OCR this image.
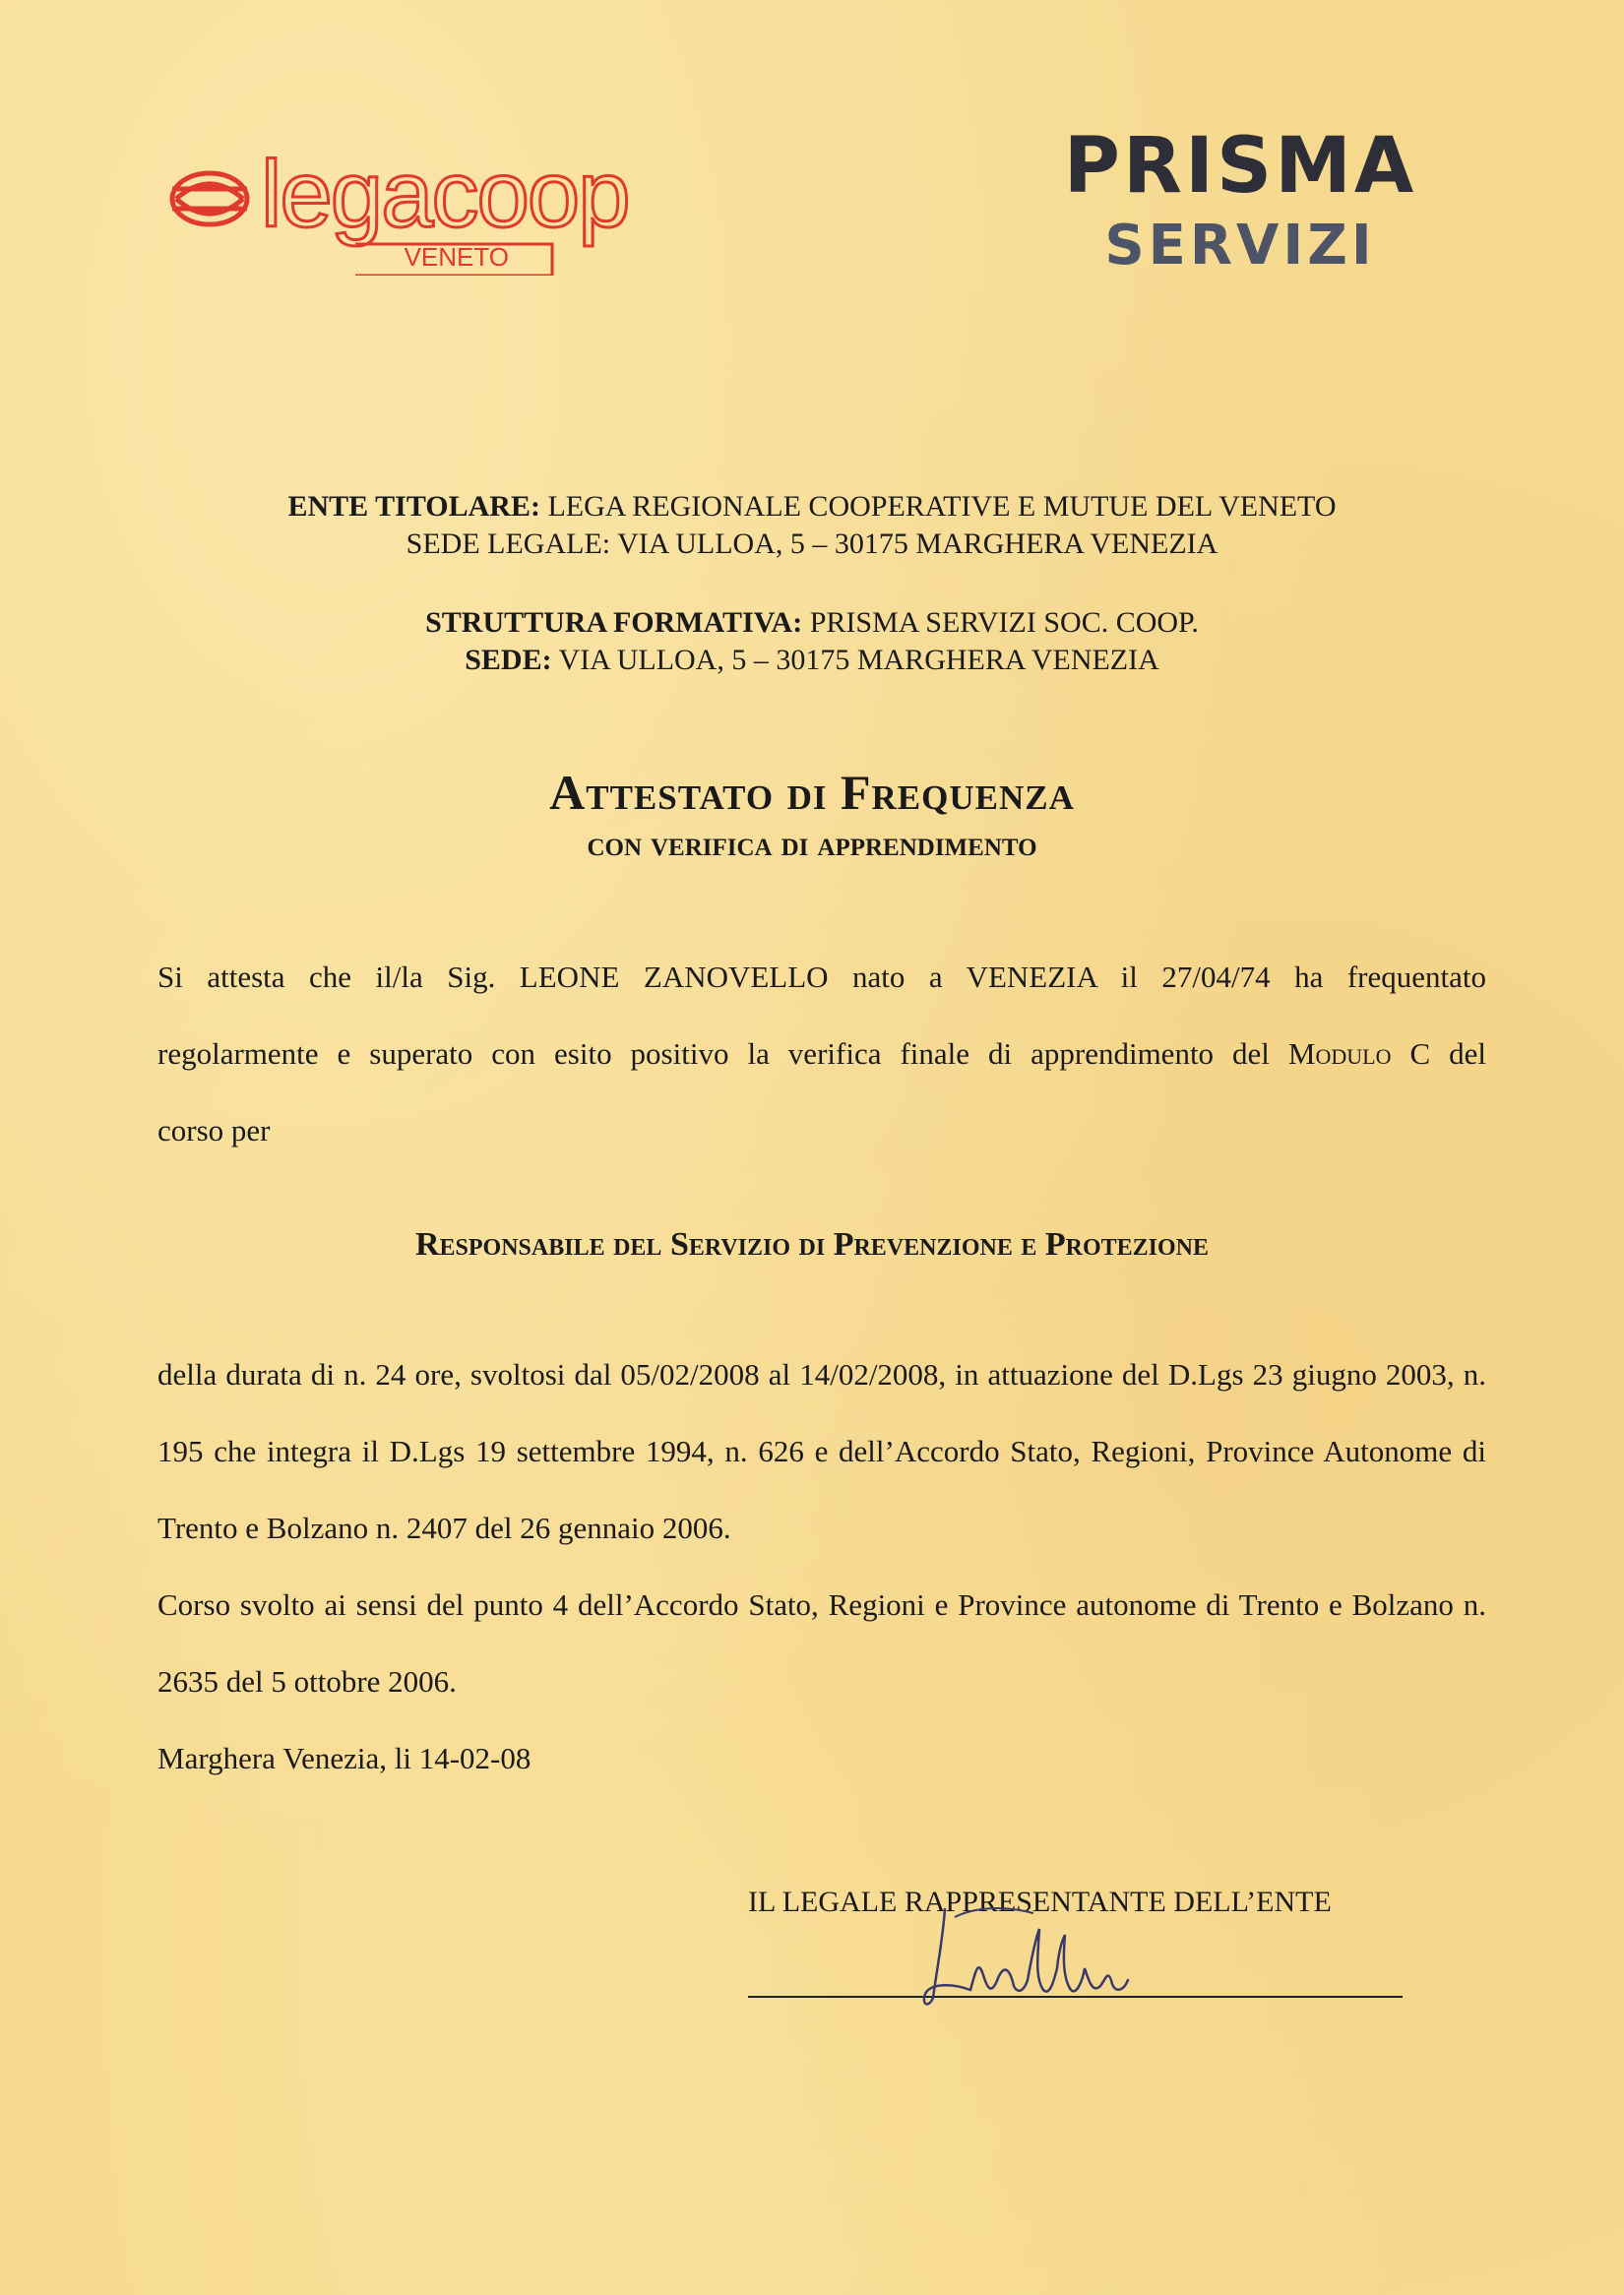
legacoop
VENETO
PRISMA
SERVIZI
ENTE TITOLARE: LEGA REGIONALE COOPERATIVE E MUTUE DEL VENETO
SEDE LEGALE: VIA ULLOA, 5 – 30175 MARGHERA VENEZIA
STRUTTURA FORMATIVA: PRISMA SERVIZI SOC. COOP.
SEDE: VIA ULLOA, 5 – 30175 MARGHERA VENEZIA
Attestato di Frequenza
con verifica di apprendimento

Si attesta che il/la Sig. LEONE ZANOVELLO nato a VENEZIA il 27/04/74 ha frequentato

regolarmente e superato con esito positivo la verifica finale di apprendimento del Modulo C del

corso per

Responsabile del Servizio di Prevenzione e Protezione

della durata di n. 24 ore, svoltosi dal 05/02/2008 al 14/02/2008, in attuazione del D.Lgs 23 giugno 2003, n. 195 che integra il D.Lgs 19 settembre 1994, n. 626 e dell’Accordo Stato, Regioni, Province Autonome di Trento e Bolzano n. 2407 del 26 gennaio 2006.

Corso svolto ai sensi del punto 4 dell’Accordo Stato, Regioni e Province autonome di Trento e Bolzano n. 2635 del 5 ottobre 2006.

Marghera Venezia, li 14-02-08

IL LEGALE RAPPRESENTANTE DELL’ENTE
